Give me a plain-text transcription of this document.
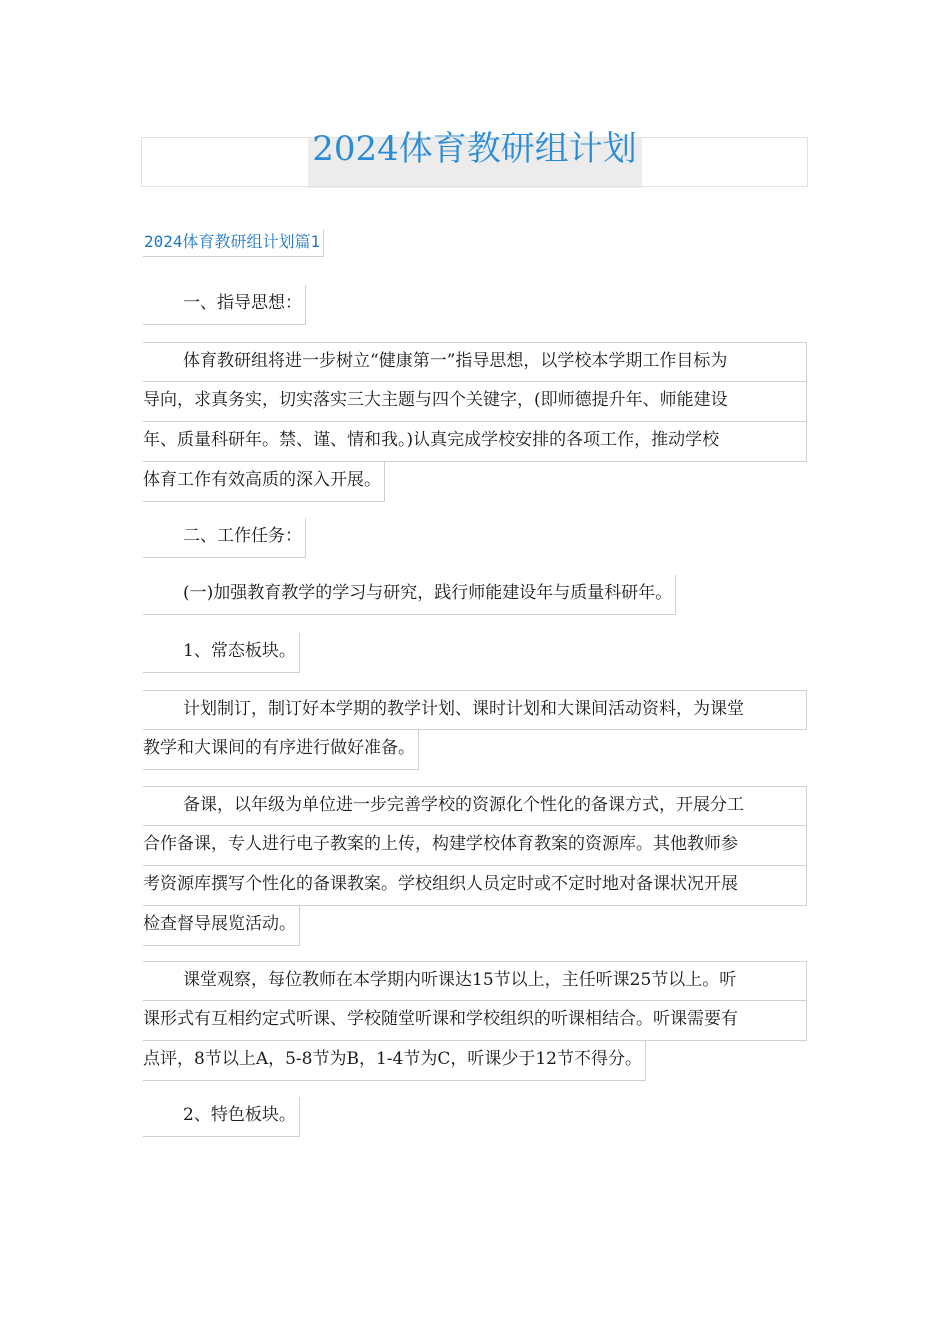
2024体育教研组计划
2024体育教研组计划篇1
一、指导思想：
体育教研组将进一步树立“健康第一”指导思想，以学校本学期工作目标为
导向，求真务实，切实落实三大主题与四个关键字，(即师德提升年、师能建设
年、质量科研年。禁、谨、情和我。)认真完成学校安排的各项工作，推动学校
体育工作有效高质的深入开展。
二、工作任务：
(一)加强教育教学的学习与研究，践行师能建设年与质量科研年。
1、常态板块。
计划制订，制订好本学期的教学计划、课时计划和大课间活动资料，为课堂
教学和大课间的有序进行做好准备。
备课，以年级为单位进一步完善学校的资源化个性化的备课方式，开展分工
合作备课，专人进行电子教案的上传，构建学校体育教案的资源库。其他教师参
考资源库撰写个性化的备课教案。学校组织人员定时或不定时地对备课状况开展
检查督导展览活动。
课堂观察，每位教师在本学期内听课达15节以上，主任听课25节以上。听
课形式有互相约定式听课、学校随堂听课和学校组织的听课相结合。听课需要有
点评，8节以上A，5-8节为B，1-4节为C，听课少于12节不得分。
2、特色板块。
